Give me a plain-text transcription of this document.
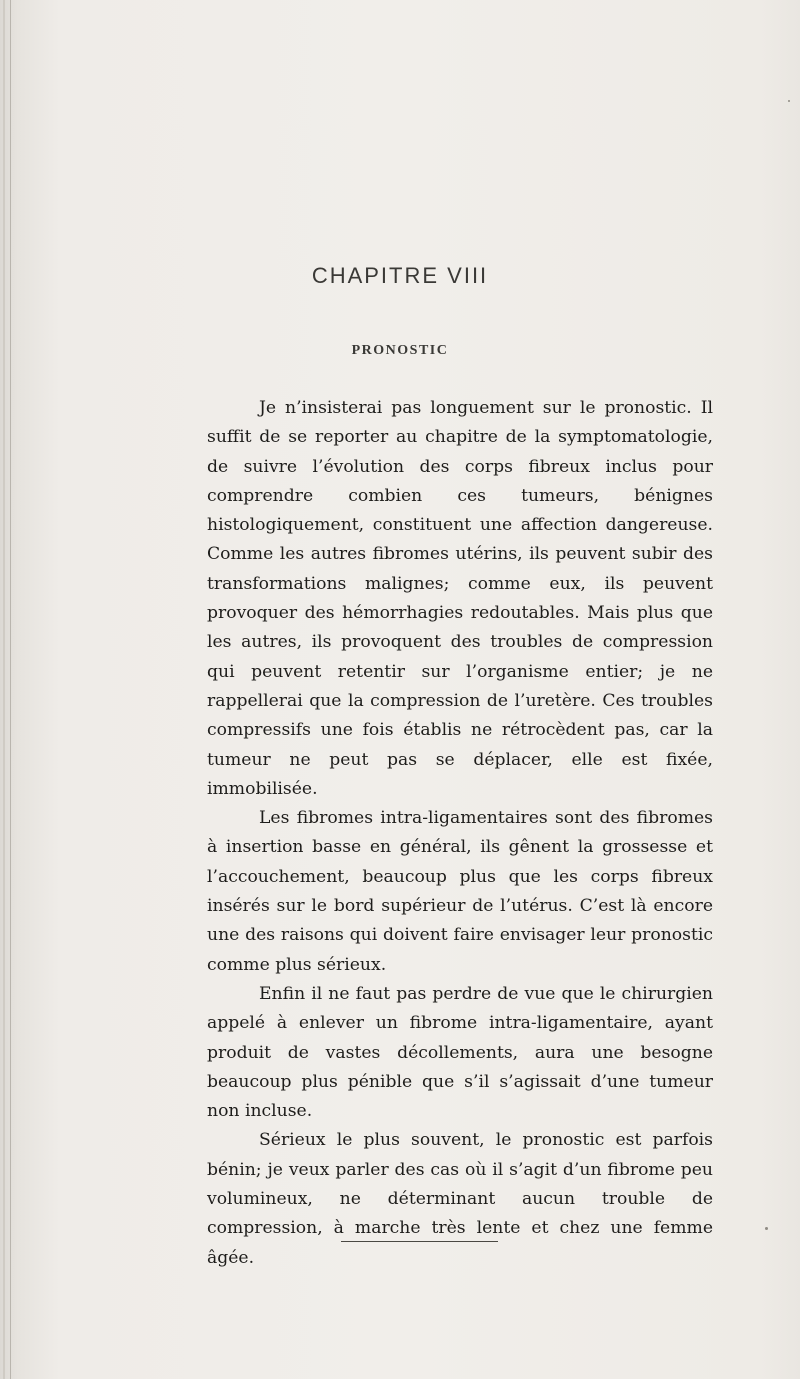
CHAPITRE VIII
PRONOSTIC

Je n’insisterai pas longuement sur le pronostic. Il suffit de se reporter au chapitre de la symptomatologie, de suivre l’évolution des corps fibreux inclus pour comprendre combien ces tumeurs, bénignes histologiquement, constituent une affection dangereuse. Comme les autres fibromes utérins, ils peuvent subir des transformations malignes; comme eux, ils peuvent provoquer des hémorrhagies redoutables. Mais plus que les autres, ils provoquent des troubles de compression qui peuvent retentir sur l’organisme entier; je ne rappellerai que la compression de l’uretère. Ces troubles compressifs une fois établis ne rétrocèdent pas, car la tumeur ne peut pas se déplacer, elle est fixée, immobilisée.

Les fibromes intra-ligamentaires sont des fibromes à insertion basse en général, ils gênent la grossesse et l’accouchement, beaucoup plus que les corps fibreux insérés sur le bord supérieur de l’utérus. C’est là encore une des raisons qui doivent faire envisager leur pronostic comme plus sérieux.

Enfin il ne faut pas perdre de vue que le chirurgien appelé à enlever un fibrome intra-ligamentaire, ayant produit de vastes décollements, aura une besogne beaucoup plus pénible que s’il s’agissait d’une tumeur non incluse.

Sérieux le plus souvent, le pronostic est parfois bénin; je veux parler des cas où il s’agit d’un fibrome peu volumineux, ne déterminant aucun trouble de compression, à marche très lente et chez une femme âgée.
